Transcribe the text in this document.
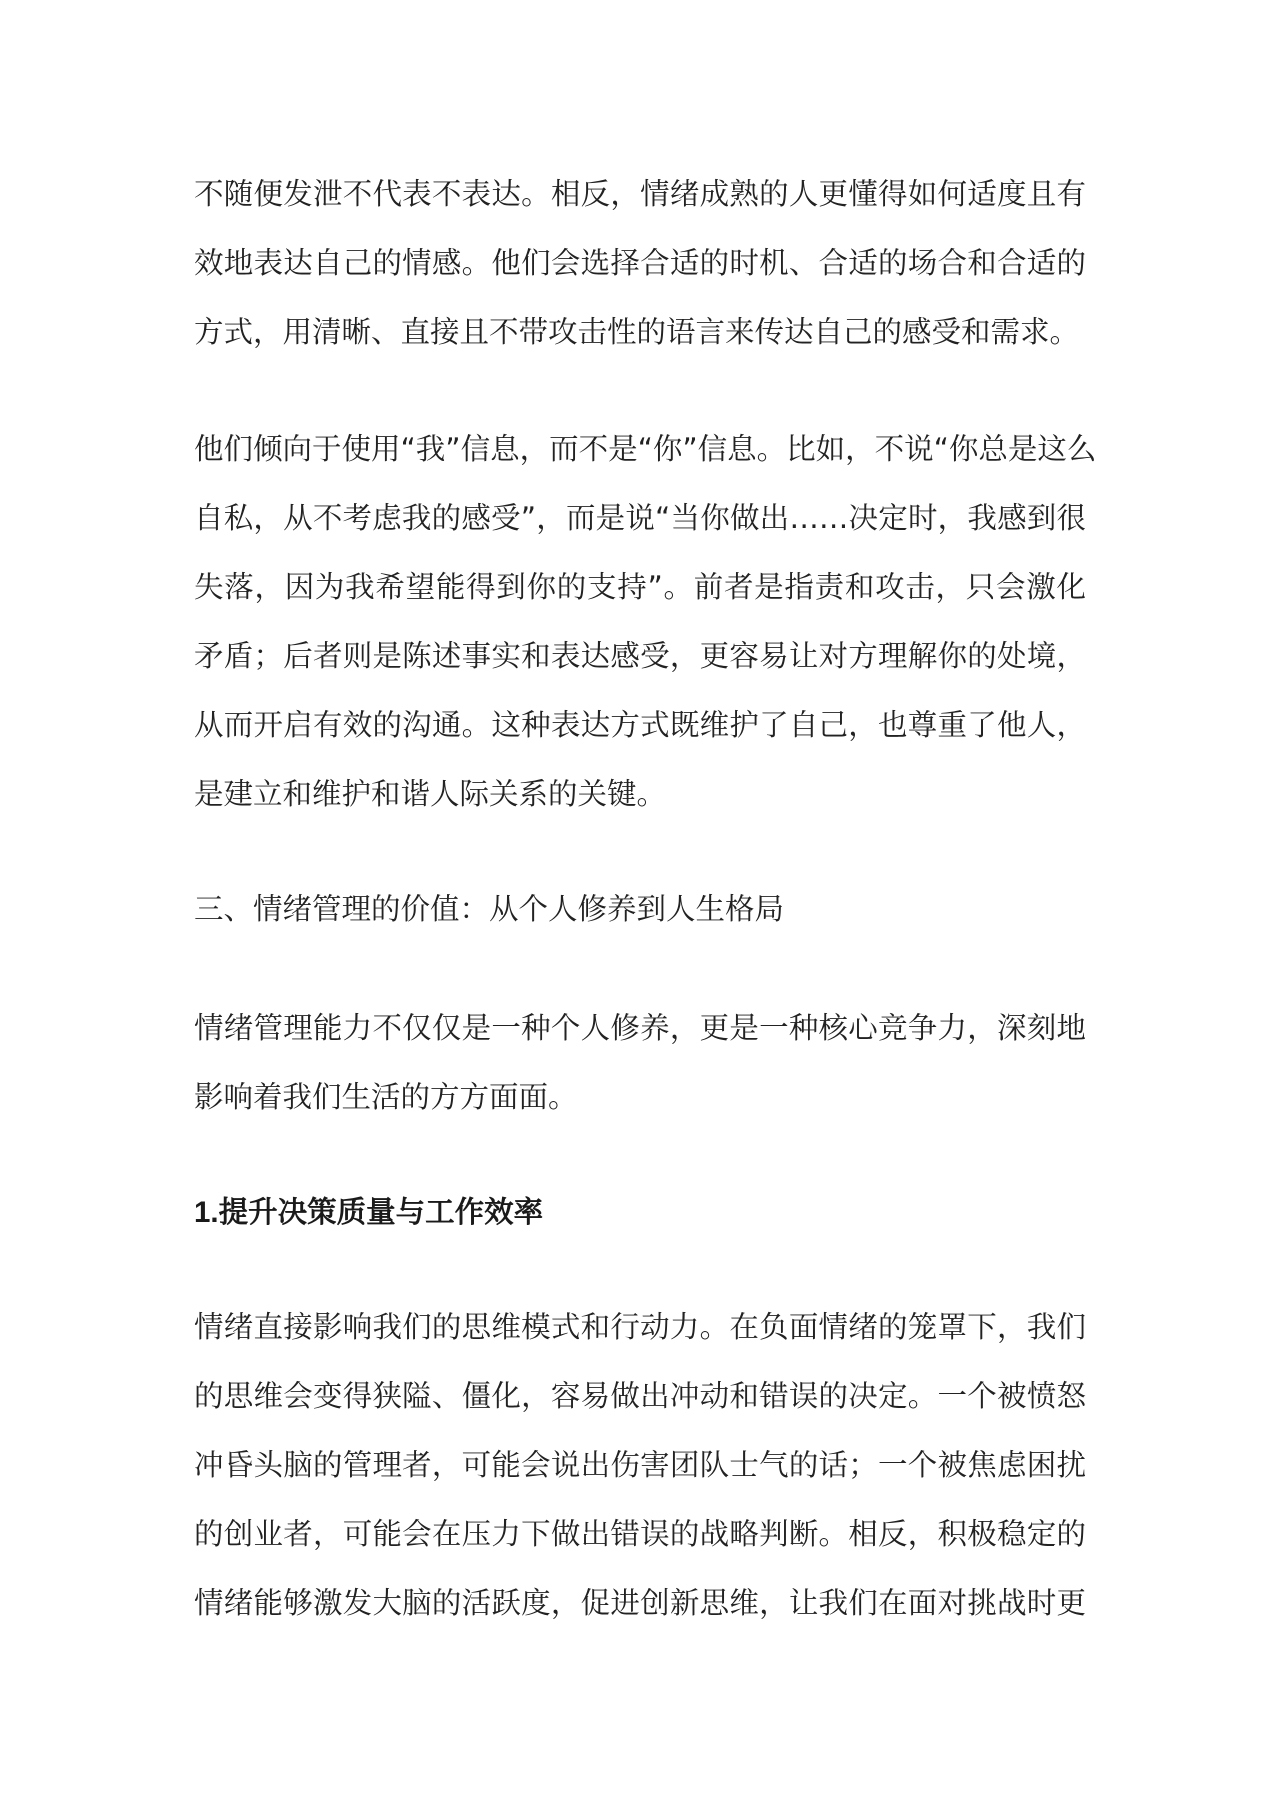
不随便发泄不代表不表达。相反，情绪成熟的人更懂得如何适度且有
效地表达自己的情感。他们会选择合适的时机、合适的场合和合适的
方式，用清晰、直接且不带攻击性的语言来传达自己的感受和需求。

他们倾向于使用“我”信息，而不是“你”信息。比如，不说“你总是这么
自私，从不考虑我的感受”，而是说“当你做出……决定时，我感到很
失落，因为我希望能得到你的支持”。前者是指责和攻击，只会激化
矛盾；后者则是陈述事实和表达感受，更容易让对方理解你的处境，
从而开启有效的沟通。这种表达方式既维护了自己，也尊重了他人，
是建立和维护和谐人际关系的关键。

三、情绪管理的价值：从个人修养到人生格局

情绪管理能力不仅仅是一种个人修养，更是一种核心竞争力，深刻地
影响着我们生活的方方面面。

1.提升决策质量与工作效率

情绪直接影响我们的思维模式和行动力。在负面情绪的笼罩下，我们
的思维会变得狭隘、僵化，容易做出冲动和错误的决定。一个被愤怒
冲昏头脑的管理者，可能会说出伤害团队士气的话；一个被焦虑困扰
的创业者，可能会在压力下做出错误的战略判断。相反，积极稳定的
情绪能够激发大脑的活跃度，促进创新思维，让我们在面对挑战时更
